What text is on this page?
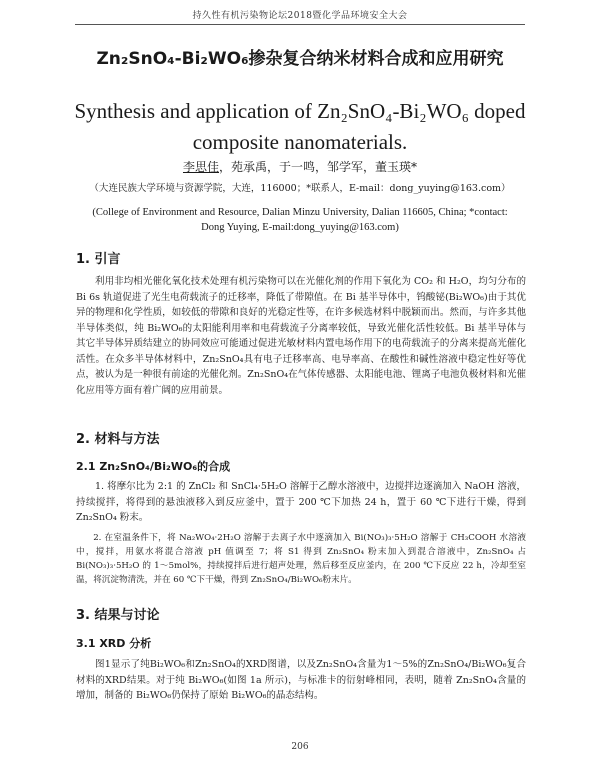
持久性有机污染物论坛2018暨化学品环境安全大会
Zn₂SnO₄-Bi₂WO₆掺杂复合纳米材料合成和应用研究
Synthesis and application of Zn₂SnO₄-Bi₂WO₆ doped
composite nanomaterials.
李思佳，苑承禹，于一鸣，邹学军，董玉瑛*
（大连民族大学环境与资源学院，大连，116000；*联系人，E-mail：dong_yuying@163.com）
(College of Environment and Resource, Dalian Minzu University, Dalian 116605, China; *contact: Dong Yuying, E-mail:dong_yuying@163.com)
1. 引言

利用非均相光催化氧化技术处理有机污染物可以在光催化剂的作用下氧化为 CO₂ 和 H₂O，均匀分布的 Bi 6s 轨道促进了光生电荷载流子的迁移率，降低了带隙值。在 Bi 基半导体中，钨酸铋(Bi₂WO₆)由于其优异的物理和化学性质，如较低的带隙和良好的光稳定性等，在许多候选材料中脱颖而出。然而，与许多其他半导体类似，纯 Bi₂WO₆的太阳能利用率和电荷载流子分离率较低，导致光催化活性较低。Bi 基半导体与其它半导体异质结建立的协同效应可能通过促进光敏材料内置电场作用下的电荷载流子的分离来提高光催化活性。在众多半导体材料中，Zn₂SnO₄具有电子迁移率高、电导率高、在酸性和碱性溶液中稳定性好等优点，被认为是一种很有前途的光催化剂。Zn₂SnO₄在气体传感器、太阳能电池、锂离子电池负极材料和光催化应用等方面有着广阔的应用前景。

2. 材料与方法
2.1 Zn₂SnO₄/Bi₂WO₆的合成

1. 将摩尔比为 2:1 的 ZnCl₂ 和 SnCl₄·5H₂O 溶解于乙醇水溶液中，边搅拌边逐滴加入 NaOH 溶液，持续搅拌，将得到的悬浊液移入到反应釜中，置于 200 ℃下加热 24 h，置于 60 ℃下进行干燥，得到 Zn₂SnO₄ 粉末。

2. 在室温条件下，将 Na₂WO₄·2H₂O 溶解于去离子水中逐滴加入 Bi(NO₃)₃·5H₂O 溶解于 CH₃COOH 水溶液中，搅拌，用氨水将混合溶液 pH 值调至 7；将 S1 得到 Zn₂SnO₄ 粉末加入到混合溶液中，Zn₂SnO₄ 占 Bi(NO₃)₃·5H₂O 的 1～5mol%，持续搅拌后进行超声处理，然后移至反应釜内，在 200 ℃下反应 22 h，冷却至室温，将沉淀物清洗，并在 60 ℃下干燥，得到 Zn₂SnO₄/Bi₂WO₆粉末片。

3. 结果与讨论
3.1 XRD 分析

图1显示了纯Bi₂WO₆和Zn₂SnO₄的XRD图谱，以及Zn₂SnO₄含量为1～5%的Zn₂SnO₄/Bi₂WO₆复合材料的XRD结果。对于纯 Bi₂WO₆(如图 1a 所示)，与标准卡的衍射峰相同，表明，随着 Zn₂SnO₄含量的增加，制备的 Bi₂WO₆仍保持了原始 Bi₂WO₆的晶态结构。

206
